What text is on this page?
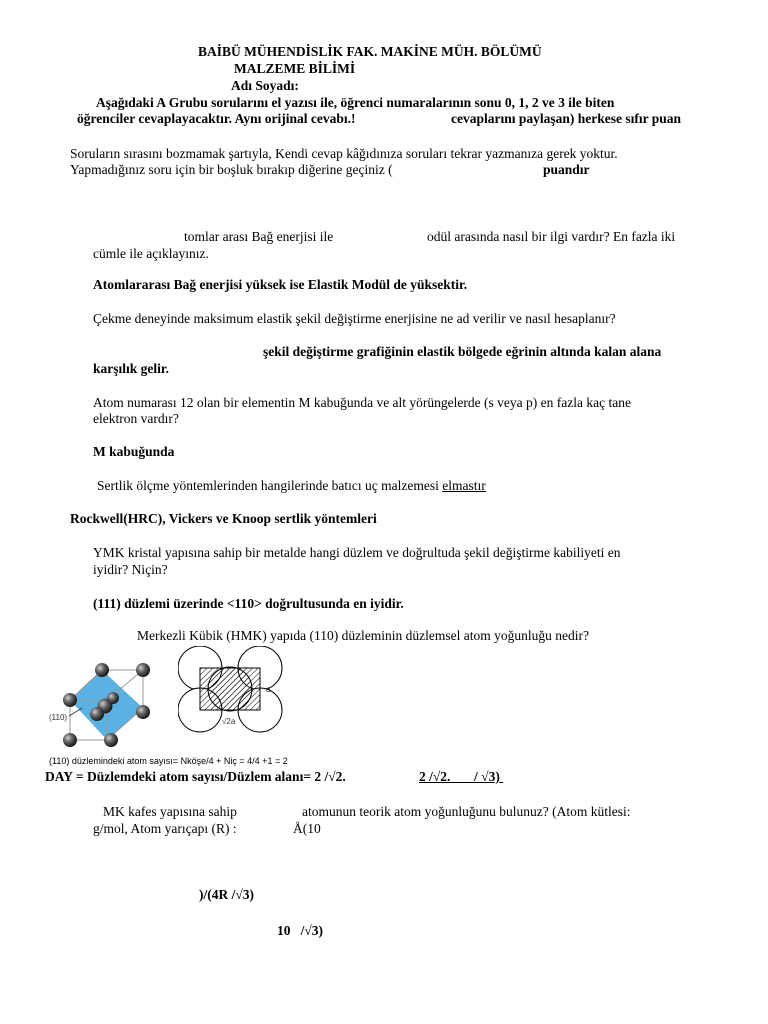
BAİBÜ MÜHENDİSLİK FAK. MAKİNE MÜH. BÖLÜMÜ
MALZEME BİLİMİ
Adı Soyadı:
Aşağıdaki A Grubu sorularını el yazısı ile, öğrenci numaralarının sonu 0, 1, 2 ve 3 ile biten
öğrenciler cevaplayacaktır. Aynı orijinal cevabı.!	cevaplarını paylaşan) herkese sıfır puan
Soruların sırasını bozmamak şartıyla, Kendi cevap kâğıdınıza soruları tekrar yazmanıza gerek yoktur.
Yapmadığınız soru için bir boşluk bırakıp diğerine geçiniz (	puandır
tomlar arası Bağ enerjisi ile	odül arasında nasıl bir ilgi vardır? En fazla iki
cümle ile açıklayınız.
Atomlararası Bağ enerjisi yüksek ise Elastik Modül de yüksektir.
Çekme deneyinde maksimum elastik şekil değiştirme enerjisine ne ad verilir ve nasıl hesaplanır?
şekil değiştirme grafiğinin elastik bölgede eğrinin altında kalan alana
karşılık gelir.
Atom numarası 12 olan bir elementin M kabuğunda ve alt yörüngelerde (s veya p) en fazla kaç tane
elektron vardır?
M kabuğunda
Sertlik ölçme yöntemlerinden hangilerinde batıcı uç malzemesi elmastır
Rockwell(HRC), Vickers ve Knoop sertlik yöntemleri
YMK kristal yapısına sahip bir metalde hangi düzlem ve doğrultuda şekil değiştirme kabiliyeti en
iyidir? Niçin?
(111) düzlemi üzerinde <110> doğrultusunda en iyidir.
Merkezli Kübik (HMK) yapıda (110) düzleminin düzlemsel atom yoğunluğu nedir?
(110)
a
√2a
(110) düzlemindeki atom sayısı= Nköşe/4 + Niç = 4/4 +1 = 2
DAY = Düzlemdeki atom sayısı/Düzlem alanı= 2 /√2.	2 /√2. / √3)
MK kafes yapısına sahip	atomunun teorik atom yoğunluğunu bulunuz? (Atom kütlesi:
g/mol, Atom yarıçapı (R) :	Å(10
)/(4R /√3)
10 /√3)
